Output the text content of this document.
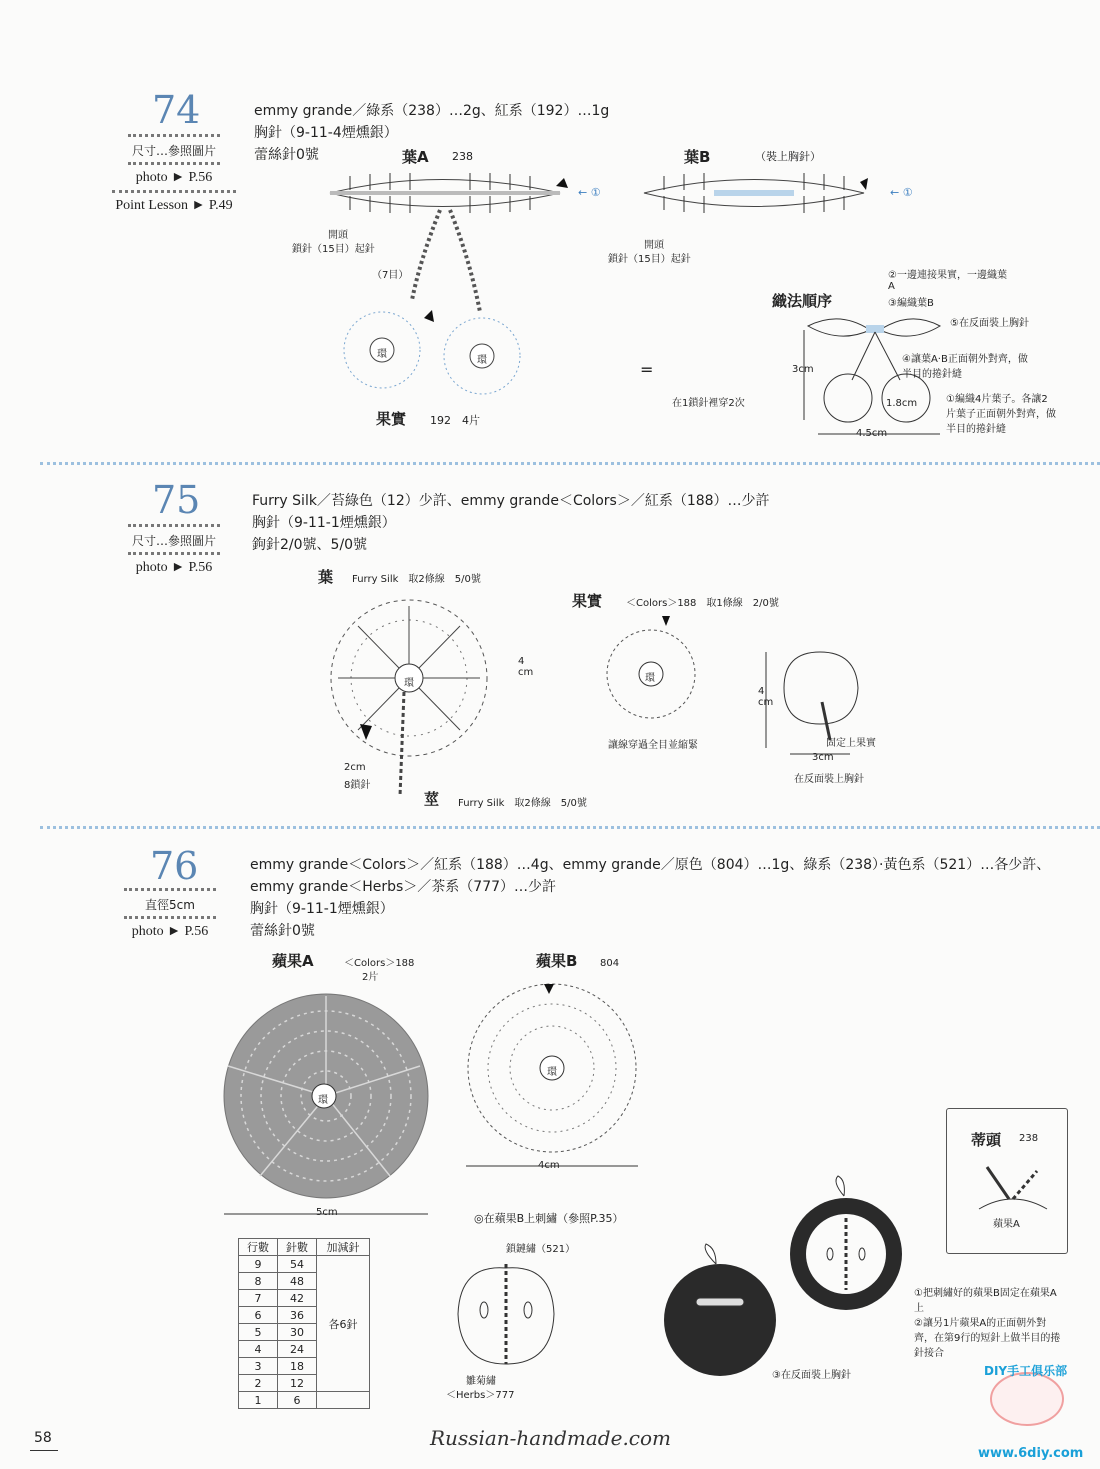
74
尺寸…參照圖片
photo ► P.56
Point Lesson ► P.49
emmy grande／綠系（238）…2g、紅系（192）…1g
胸針（9-11-4煙燻銀）
蕾絲針0號	葉A 238	葉B	（裝上胸針）
← ①	← ①
開頭
鎖針（15目）起針	開頭
鎖針（15目）起針
（7目）
環
環
果實 192　4片
=
在1鎖針裡穿2次
織法順序
3cm
1.8cm
4.5cm
②一邊連接果實，一邊織葉A
③編織葉B
⑤在反面裝上胸針
④讓葉A·B正面朝外對齊，做半目的捲針縫
①編織4片葉子。各讓2片葉子正面朝外對齊，做半目的捲針縫
75
尺寸…參照圖片
photo ► P.56
Furry Silk／苔綠色（12）少許、emmy grande＜Colors＞／紅系（188）…少許
胸針（9-11-1煙燻銀）
鉤針2/0號、5/0號
葉 Furry Silk　取2條線　5/0號
環
4 cm
2cm
8鎖針
莖 Furry Silk　取2條線　5/0號
果實 ＜Colors＞188　取1條線　2/0號
環
讓線穿過全目並縮緊
4 cm
固定上果實
3cm
在反面裝上胸針
76
直徑5cm
photo ► P.56
emmy grande＜Colors＞／紅系（188）…4g、emmy grande／原色（804）…1g、綠系（238）·黃色系（521）…各少許、
emmy grande＜Herbs＞／茶系（777）…少許
胸針（9-11-1煙燻銀）
蕾絲針0號
蘋果A	＜Colors＞188
2片
環
5cm
蘋果B 804
環
4cm
行數	針數	加減針
9	54	各6針
8	48	
7	42	
6	36	
5	30	
4	24	
3	18	
2	12	
1	6	
◎在蘋果B上刺繡（參照P.35）
鎖鏈繡（521）
雛菊繡
＜Herbs＞777
③在反面裝上胸針
蒂頭 238
蘋果A
①把刺繡好的蘋果B固定在蘋果A上
②讓另1片蘋果A的正面朝外對齊，在第9行的短針上做半目的捲針接合
58	Russian-handmade.com
DIY手工俱乐部
www.6diy.com
